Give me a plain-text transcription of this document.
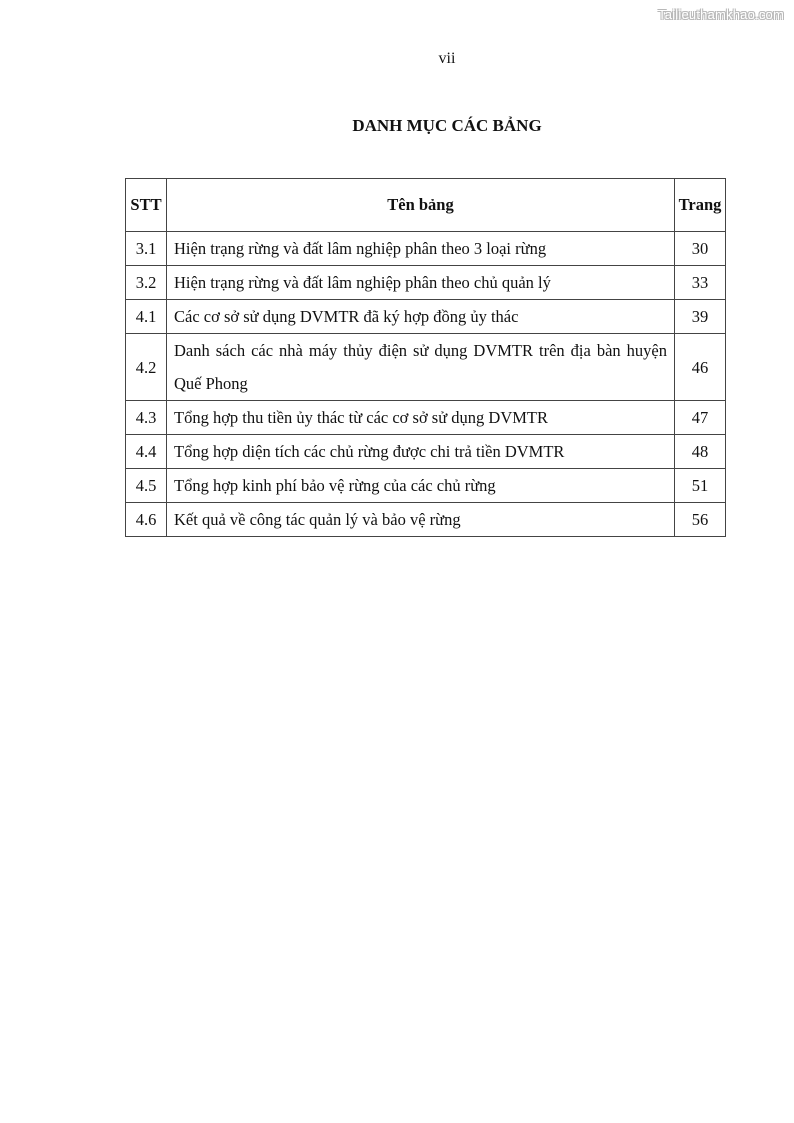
Tailieuthamkhao.com
vii
DANH MỤC CÁC BẢNG
STT	Tên bảng	Trang
3.1	Hiện trạng rừng và đất lâm nghiệp phân theo 3 loại rừng	30
3.2	Hiện trạng rừng và đất lâm nghiệp phân theo chủ quản lý	33
4.1	Các cơ sở sử dụng DVMTR đã ký hợp đồng ủy thác	39
4.2	Danh sách các nhà máy thủy điện sử dụng DVMTR trên địa bàn huyện Quế Phong	46
4.3	Tổng hợp thu tiền ủy thác từ các cơ sở sử dụng DVMTR	47
4.4	Tổng hợp diện tích các chủ rừng được chi trả tiền DVMTR	48
4.5	Tổng hợp kinh phí bảo vệ rừng của các chủ rừng	51
4.6	Kết quả về công tác quản lý và bảo vệ rừng	56
